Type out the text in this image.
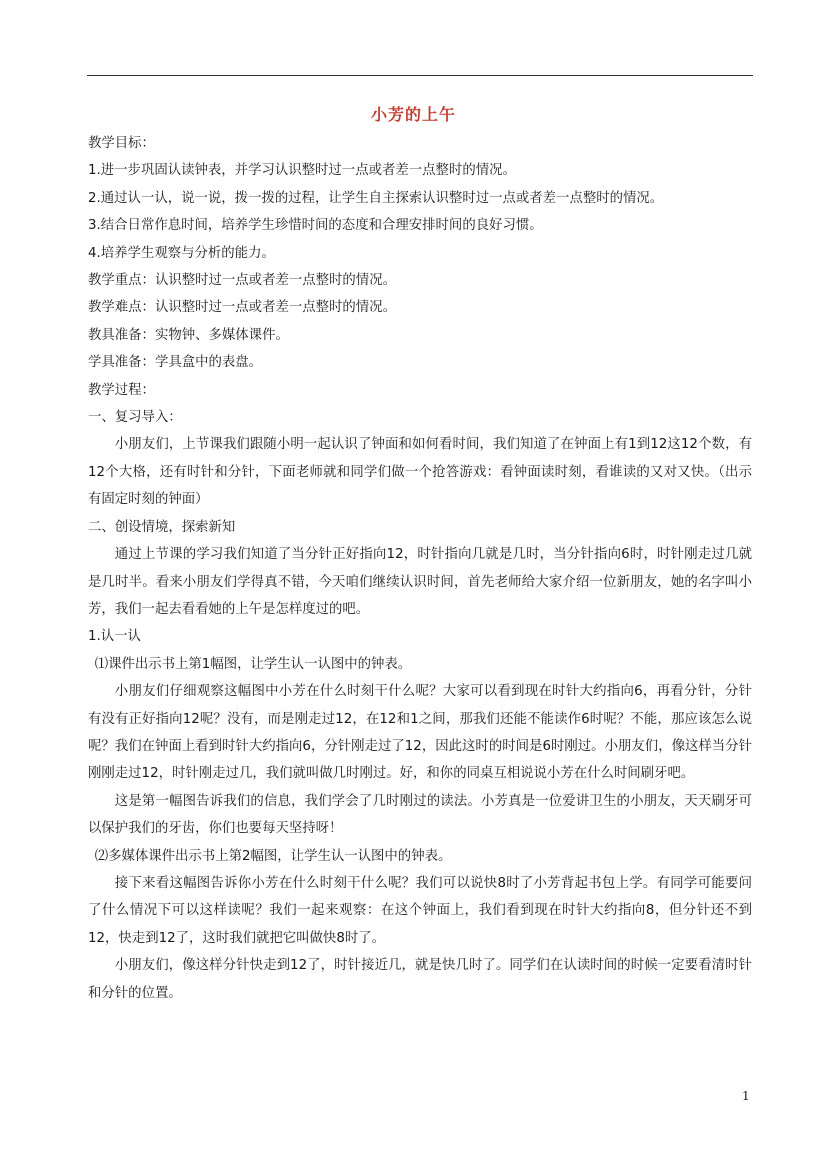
小芳的上午

教学目标：

1.进一步巩固认读钟表，并学习认识整时过一点或者差一点整时的情况。

2.通过认一认，说一说，拨一拨的过程，让学生自主探索认识整时过一点或者差一点整时的情况。

3.结合日常作息时间，培养学生珍惜时间的态度和合理安排时间的良好习惯。

4.培养学生观察与分析的能力。

教学重点：认识整时过一点或者差一点整时的情况。

教学难点：认识整时过一点或者差一点整时的情况。

教具准备：实物钟、多媒体课件。

学具准备：学具盒中的表盘。

教学过程：

一、复习导入：

小朋友们，上节课我们跟随小明一起认识了钟面和如何看时间，我们知道了在钟面上有1到12这12个数，有12个大格，还有时针和分针，下面老师就和同学们做一个抢答游戏：看钟面读时刻，看谁读的又对又快。（出示有固定时刻的钟面）

二、创设情境，探索新知

通过上节课的学习我们知道了当分针正好指向12，时针指向几就是几时，当分针指向6时，时针刚走过几就是几时半。看来小朋友们学得真不错，今天咱们继续认识时间，首先老师给大家介绍一位新朋友，她的名字叫小芳，我们一起去看看她的上午是怎样度过的吧。

1.认一认

⑴课件出示书上第1幅图，让学生认一认图中的钟表。

小朋友们仔细观察这幅图中小芳在什么时刻干什么呢？大家可以看到现在时针大约指向6，再看分针，分针有没有正好指向12呢？没有，而是刚走过12，在12和1之间，那我们还能不能读作6时呢？不能，那应该怎么说呢？我们在钟面上看到时针大约指向6，分针刚走过了12，因此这时的时间是6时刚过。小朋友们，像这样当分针刚刚走过12，时针刚走过几，我们就叫做几时刚过。好，和你的同桌互相说说小芳在什么时间刷牙吧。

这是第一幅图告诉我们的信息，我们学会了几时刚过的读法。小芳真是一位爱讲卫生的小朋友，天天刷牙可以保护我们的牙齿，你们也要每天坚持呀！

⑵多媒体课件出示书上第2幅图，让学生认一认图中的钟表。

接下来看这幅图告诉你小芳在什么时刻干什么呢？我们可以说快8时了小芳背起书包上学。有同学可能要问了什么情况下可以这样读呢？我们一起来观察：在这个钟面上，我们看到现在时针大约指向8，但分针还不到12，快走到12了，这时我们就把它叫做快8时了。

小朋友们，像这样分针快走到12了，时针接近几，就是快几时了。同学们在认读时间的时候一定要看清时针和分针的位置。

1
